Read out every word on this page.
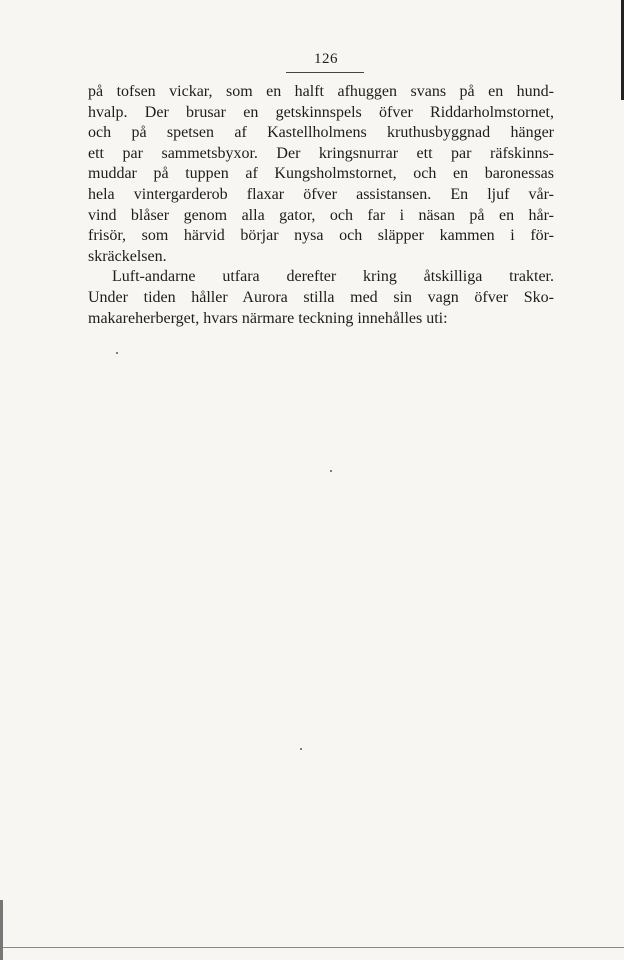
126
på tofsen vickar, som en halft afhuggen svans på en hund-
hvalp. Der brusar en getskinnspels öfver Riddarholmstornet,
och på spetsen af Kastellholmens kruthusbyggnad hänger
ett par sammetsbyxor. Der kringsnurrar ett par räfskinns-
muddar på tuppen af Kungsholmstornet, och en baronessas
hela vintergarderob flaxar öfver assistansen. En ljuf vår-
vind blåser genom alla gator, och far i näsan på en hår-
frisör, som härvid börjar nysa och släpper kammen i för-
skräckelsen.
Luft-andarne utfara derefter kring åtskilliga trakter.
Under tiden håller Aurora stilla med sin vagn öfver Sko-
makareherberget, hvars närmare teckning innehålles uti:
